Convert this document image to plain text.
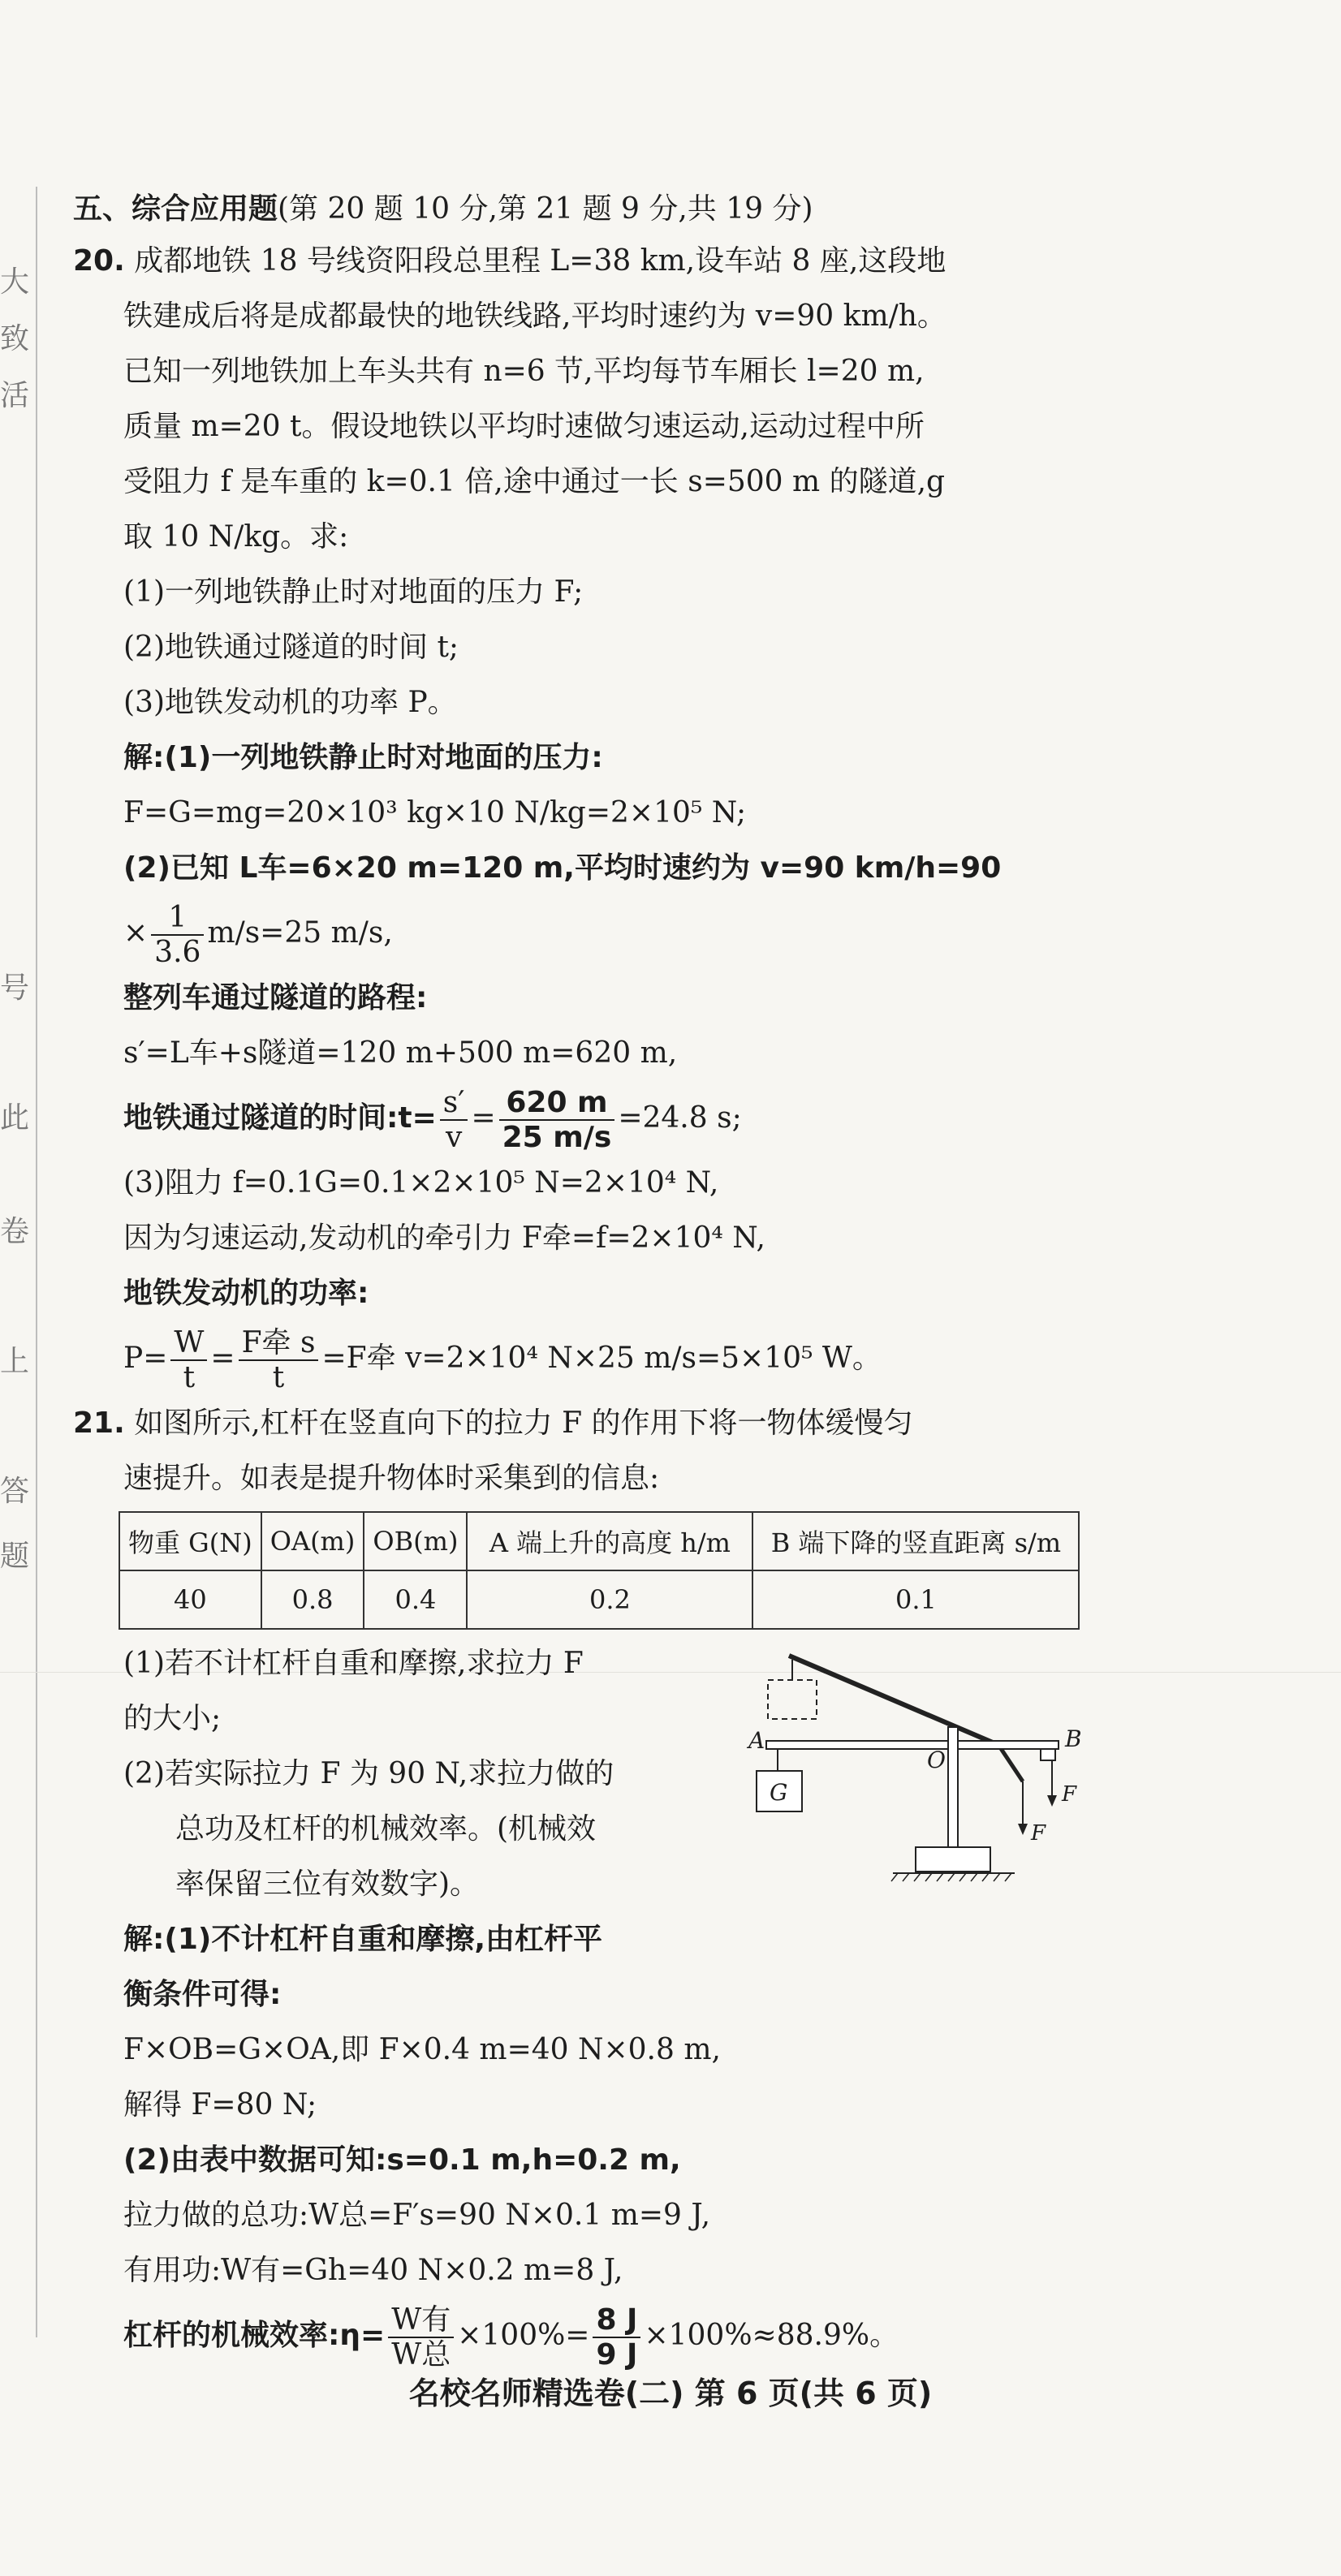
大
致
活
号
此
卷
上
答
题
五、综合应用题(第 20 题 10 分,第 21 题 9 分,共 19 分)
20. 成都地铁 18 号线资阳段总里程 L=38 km,设车站 8 座,这段地
铁建成后将是成都最快的地铁线路,平均时速约为 v=90 km/h。
已知一列地铁加上车头共有 n=6 节,平均每节车厢长 l=20 m,
质量 m=20 t。假设地铁以平均时速做匀速运动,运动过程中所
受阻力 f 是车重的 k=0.1 倍,途中通过一长 s=500 m 的隧道,g
取 10 N/kg。求:
(1)一列地铁静止时对地面的压力 F;
(2)地铁通过隧道的时间 t;
(3)地铁发动机的功率 P。
解:(1)一列地铁静止时对地面的压力:
F=G=mg=20×10³ kg×10 N/kg=2×10⁵ N;
(2)已知 L车=6×20 m=120 m,平均时速约为 v=90 km/h=90
× $\frac{1}{3.6} m/s=25$ m/s,
整列车通过隧道的路程:
s′=L车+s隧道=120 m+500 m=620 m,
地铁通过隧道的时间:t= $\frac{s'}{v} = \frac{620 m}{25 m/s} =24.8$ s;
(3)阻力 f=0.1G=0.1×2×10⁵ N=2×10⁴ N,
因为匀速运动,发动机的牵引力 F牵=f=2×10⁴ N,
地铁发动机的功率:
$P= \frac{W}{t} = \frac{\text{F牵 s}}{t} =F$牵 v=2×10⁴ N×25 m/s=5×10⁵ W。
21. 如图所示,杠杆在竖直向下的拉力 F 的作用下将一物体缓慢匀
速提升。如表是提升物体时采集到的信息:
物重 G(N)	OA(m)	OB(m)	A 端上升的高度 h/m	B 端下降的竖直距离 s/m
40	0.8	0.4	0.2	0.1
(1)若不计杠杆自重和摩擦,求拉力 F
的大小;
(2)若实际拉力 F 为 90 N,求拉力做的
总功及杠杆的机械效率。(机械效
率保留三位有效数字)。
解:(1)不计杠杆自重和摩擦,由杠杆平
衡条件可得:
F×OB=G×OA,即 F×0.4 m=40 N×0.8 m,
解得 F=80 N;
(2)由表中数据可知:s=0.1 m,h=0.2 m,
拉力做的总功:W总=F′s=90 N×0.1 m=9 J,
有用功:W有=Gh=40 N×0.2 m=8 J,
杠杆的机械效率:η= $\frac{\text{W有}}{\text{W总}} \times 100\%= \frac{8 J}{9 J} \times 100\%\approx 88.9\%$。
A
G
O
B
F
F
名校名师精选卷(二) 第 6 页(共 6 页)
